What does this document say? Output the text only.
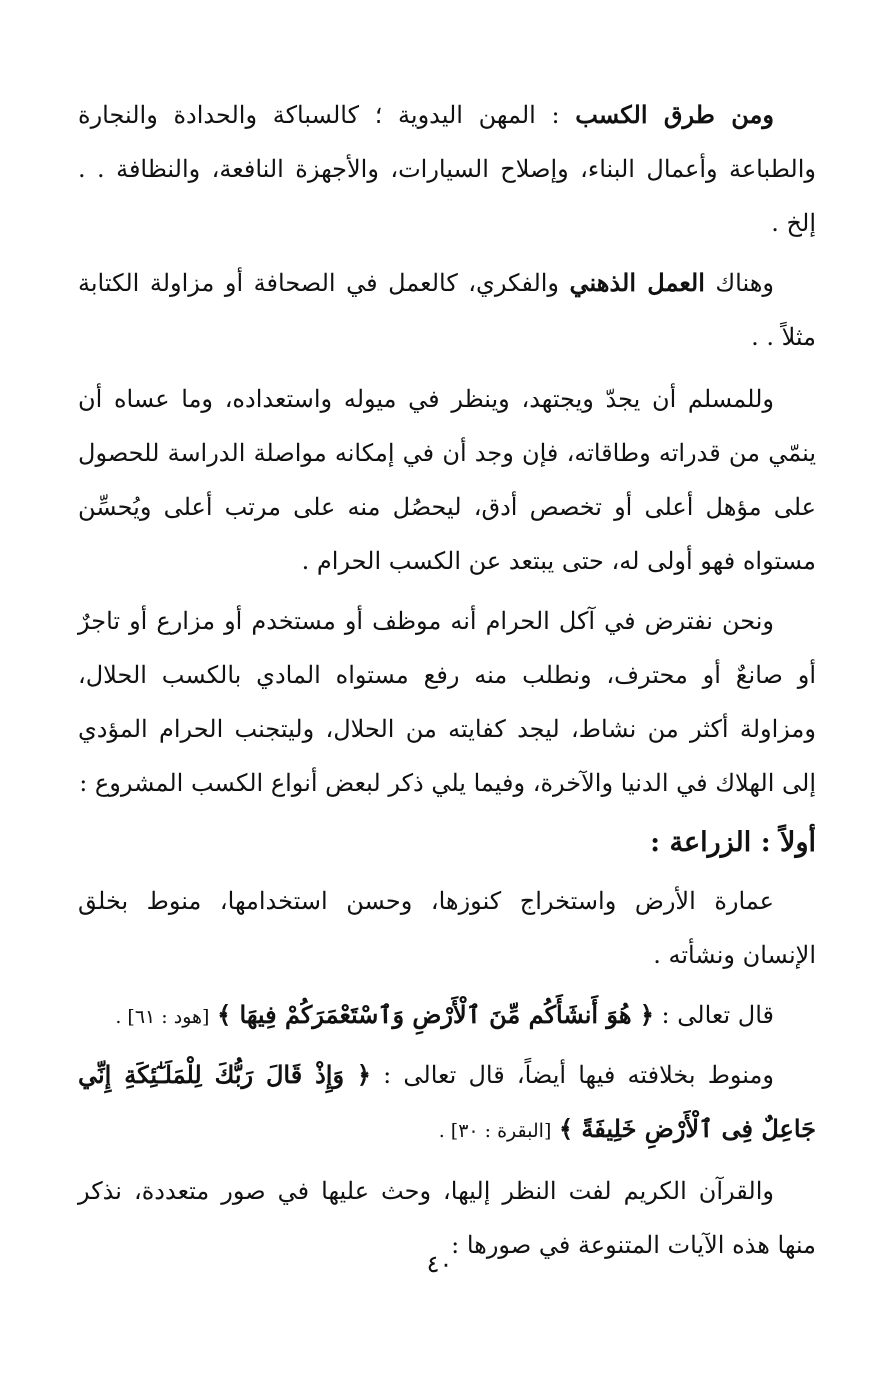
ومن طرق الكسب : المهن اليدوية ؛ كالسباكة والحدادة والنجارة والطباعة وأعمال البناء، وإصلاح السيارات، والأجهزة النافعة، والنظافة . . إلخ .

وهناك العمل الذهني والفكري، كالعمل في الصحافة أو مزاولة الكتابة مثلاً . .

وللمسلم أن يجدّ ويجتهد، وينظر في ميوله واستعداده، وما عساه أن ينمّي من قدراته وطاقاته، فإن وجد أن في إمكانه مواصلة الدراسة للحصول على مؤهل أعلى أو تخصص أدق، ليحصُل منه على مرتب أعلى ويُحسِّن مستواه فهو أولى له، حتى يبتعد عن الكسب الحرام .

ونحن نفترض في آكل الحرام أنه موظف أو مستخدم أو مزارع أو تاجرٌ أو صانعٌ أو محترف، ونطلب منه رفع مستواه المادي بالكسب الحلال، ومزاولة أكثر من نشاط، ليجد كفايته من الحلال، وليتجنب الحرام المؤدي إلى الهلاك في الدنيا والآخرة، وفيما يلي ذكر لبعض أنواع الكسب المشروع :

أولاً : الزراعة :

عمارة الأرض واستخراج كنوزها، وحسن استخدامها، منوط بخلق الإنسان ونشأته .

قال تعالى : ﴿ هُوَ أَنشَأَكُم مِّنَ ٱلْأَرْضِ وَٱسْتَعْمَرَكُمْ فِيهَا ﴾ [هود : ٦١] .

ومنوط بخلافته فيها أيضاً، قال تعالى : ﴿ وَإِذْ قَالَ رَبُّكَ لِلْمَلَـٰٓئِكَةِ إِنِّي جَاعِلٌ فِى ٱلْأَرْضِ خَلِيفَةً ﴾ [البقرة : ٣٠] .

والقرآن الكريم لفت النظر إليها، وحث عليها في صور متعددة، نذكر منها هذه الآيات المتنوعة في صورها :

٤٠
